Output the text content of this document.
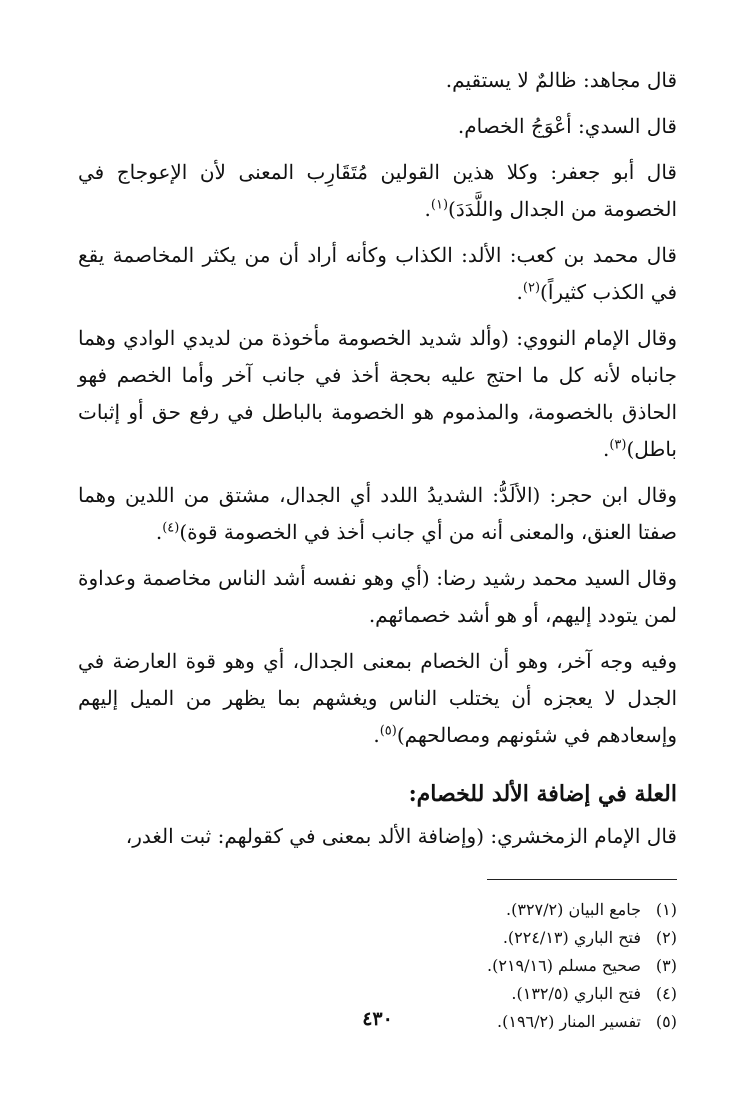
قال مجاهد: ظالمٌ لا يستقيم.

قال السدي: أعْوَجُ الخصام.

قال أبو جعفر: وكلا هذين القولين مُتَقَارِب المعنى لأن الإعوجاج في الخصومة من الجدال واللَّدَدَ)$^{(١)}$.

قال محمد بن كعب: الألد: الكذاب وكأنه أراد أن من يكثر المخاصمة يقع في الكذب كثيراً)$^{(٢)}$.

وقال الإمام النووي: (وألد شديد الخصومة مأخوذة من لديدي الوادي وهما جانباه لأنه كل ما احتج عليه بحجة أخذ في جانب آخر وأما الخصم فهو الحاذق بالخصومة، والمذموم هو الخصومة بالباطل في رفع حق أو إثبات باطل)$^{(٣)}$.

وقال ابن حجر: (الألَدُّ: الشديدُ اللدد أي الجدال، مشتق من اللدين وهما صفتا العنق، والمعنى أنه من أي جانب أخذ في الخصومة قوة)$^{(٤)}$.

وقال السيد محمد رشيد رضا: (أي وهو نفسه أشد الناس مخاصمة وعداوة لمن يتودد إليهم، أو هو أشد خصمائهم.

وفيه وجه آخر، وهو أن الخصام بمعنى الجدال، أي وهو قوة العارضة في الجدل لا يعجزه أن يختلب الناس ويغشهم بما يظهر من الميل إليهم وإسعادهم في شئونهم ومصالحهم)$^{(٥)}$.

العلة في إضافة الألد للخصام:

قال الإمام الزمخشري: (وإضافة الألد بمعنى في كقولهم: ثبت الغدر،

(١)جامع البيان (٣٢٧/٢).
(٢)فتح الباري (٢٢٤/١٣).
(٣)صحيح مسلم (٢١٩/١٦).
(٤)فتح الباري (١٣٢/٥).
(٥)تفسير المنار (١٩٦/٢).
٤٣٠
